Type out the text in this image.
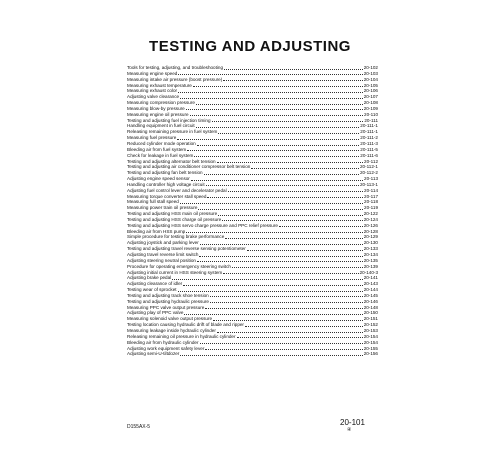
TESTING AND ADJUSTING
Tools for testing, adjusting, and troubleshooting	20-102
Measuring engine speed	20-103
Measuring intake air pressure (boost pressure)	20-104
Measuring exhaust temperature	20-105
Measuring exhaust color	20-106
Adjusting valve clearance	20-107
Measuring compression pressure	20-108
Measuring blow-by pressure	20-109
Measuring engine oil pressure	20-110
Testing and adjusting fuel injection timing	20-111
Handling equipment in fuel circuit	20-111-1
Releasing remaining pressure in fuel system	20-111-1
Measuring fuel pressure	20-111-2
Reduced cylinder mode operation	20-111-3
Bleeding air from fuel system	20-111-5
Check for leakage in fuel system	20-111-6
Testing and adjusting alternator belt tension	20-112
Testing and adjusting air conditioner compressor belt tension	20-112-1
Testing and adjusting fan belt tension	20-112-2
Adjusting engine speed sensor	20-113
Handling controller high voltage circuit	20-113-1
Adjusting fuel control lever and decelerator pedal	20-114
Measuring torque converter stall speed	20-117
Measuring full stall speed	20-118
Measuring power train oil pressure	20-119
Testing and adjusting HSS main oil pressure	20-122
Testing and adjusting HSS charge oil pressure	20-124
Testing and adjusting HSS servo charge pressure and PPC relief pressure	20-126
Bleeding air from HSS pump	20-128
Simple procedure for testing brake performance	20-129
Adjusting joystick and parking lever	20-130
Testing and adjusting travel reverse sensing potentiometer	20-133
Adjusting travel reverse limit switch	20-134
Adjusting steering neutral position	20-135
Procedure for operating emergency steering switch	20-139
Adjusting initial current in HSS steering system	20-140-3
Adjusting brake pedal	20-141
Adjusting clearance of idler	20-143
Testing wear of sprocket	20-144
Testing and adjusting track shoe tension	20-145
Testing and adjusting hydraulic pressure	20-146
Measuring PPC valve output pressure	20-148
Adjusting play of PPC valve	20-150
Measuring solenoid valve output pressure	20-151
Testing location causing hydraulic drift of blade and ripper	20-152
Measuring leakage inside hydraulic cylinder	20-153
Releasing remaining oil pressure in hydraulic cylinder	20-154
Bleeding air from hydraulic cylinder	20-154
Adjusting work equipment safety lever	20-155
Adjusting semi-U-tiltdozer	20-156
D155AX-5	20-101
④
